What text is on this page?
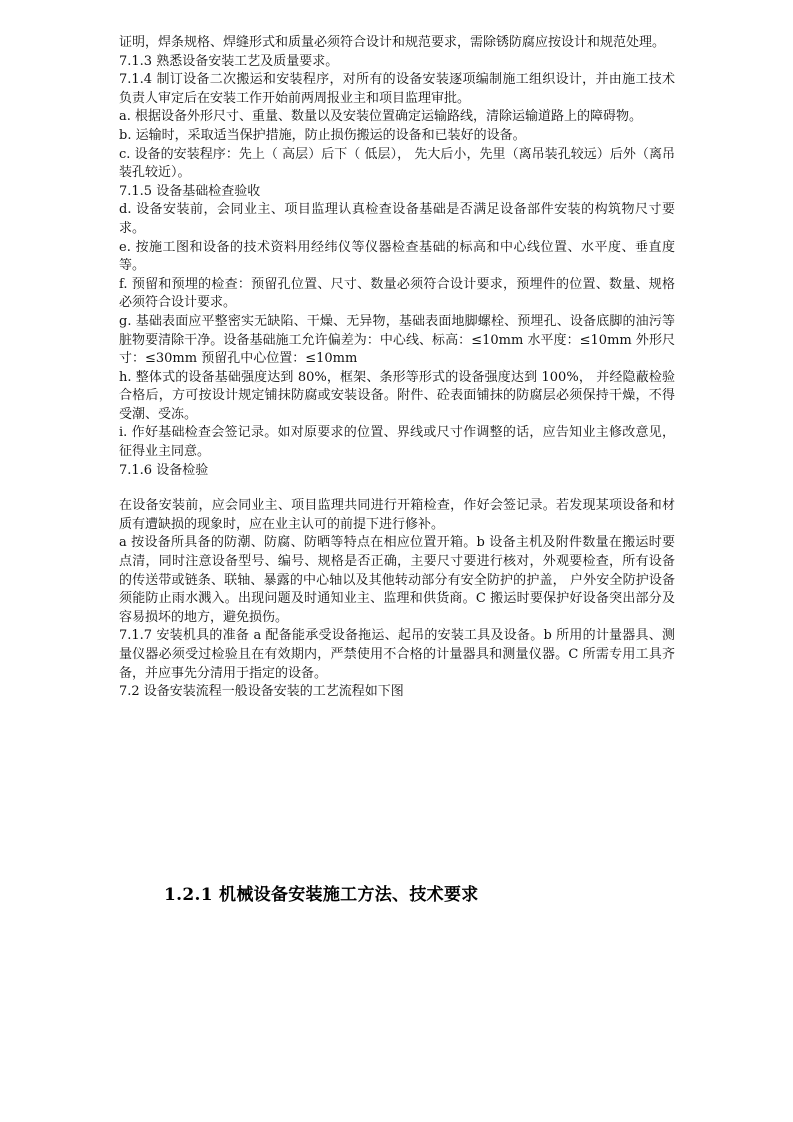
证明，焊条规格、焊缝形式和质量必须符合设计和规范要求，需除锈防腐应按设计和规范处理。

7.1.3 熟悉设备安装工艺及质量要求。

7.1.4 制订设备二次搬运和安装程序，对所有的设备安装逐项编制施工组织设计，并由施工技术负责人审定后在安装工作开始前两周报业主和项目监理审批。

a. 根据设备外形尺寸、重量、数量以及安装位置确定运输路线，清除运输道路上的障碍物。

b. 运输时，采取适当保护措施，防止损伤搬运的设备和已装好的设备。

c. 设备的安装程序：先上（ 高层）后下（ 低层）， 先大后小，先里（离吊装孔较远）后外（离吊装孔较近）。

7.1.5 设备基础检查验收

d. 设备安装前，会同业主、项目监理认真检查设备基础是否满足设备部件安装的构筑物尺寸要求。

e. 按施工图和设备的技术资料用经纬仪等仪器检查基础的标高和中心线位置、水平度、垂直度等。

f. 预留和预埋的检查：预留孔位置、尺寸、数量必须符合设计要求，预埋件的位置、数量、规格必须符合设计要求。

g. 基础表面应平整密实无缺陷、干燥、无异物，基础表面地脚螺栓、预埋孔、设备底脚的油污等脏物要清除干净。设备基础施工允许偏差为：中心线、标高：≤10mm 水平度：≤10mm 外形尺寸：≤30mm 预留孔中心位置：≤10mm

h. 整体式的设备基础强度达到 80%，框架、条形等形式的设备强度达到 100%， 并经隐蔽检验合格后，方可按设计规定铺抹防腐或安装设备。附件、砼表面铺抹的防腐层必须保持干燥，不得受潮、受冻。

i. 作好基础检查会签记录。如对原要求的位置、界线或尺寸作调整的话，应告知业主修改意见，征得业主同意。

7.1.6 设备检验

在设备安装前，应会同业主、项目监理共同进行开箱检查，作好会签记录。若发现某项设备和材质有遭缺损的现象时，应在业主认可的前提下进行修补。

a 按设备所具备的防潮、防腐、防晒等特点在相应位置开箱。b 设备主机及附件数量在搬运时要点清，同时注意设备型号、编号、规格是否正确，主要尺寸要进行核对，外观要检查，所有设备的传送带或链条、联轴、暴露的中心轴以及其他转动部分有安全防护的护盖， 户外安全防护设备须能防止雨水溅入。出现问题及时通知业主、监理和供货商。C 搬运时要保护好设备突出部分及容易损坏的地方，避免损伤。

7.1.7 安装机具的准备 a 配备能承受设备拖运、起吊的安装工具及设备。b 所用的计量器具、测量仪器必须受过检验且在有效期内，严禁使用不合格的计量器具和测量仪器。C 所需专用工具齐备，并应事先分清用于指定的设备。

7.2 设备安装流程一般设备安装的工艺流程如下图

1.2.1 机械设备安装施工方法、技术要求
